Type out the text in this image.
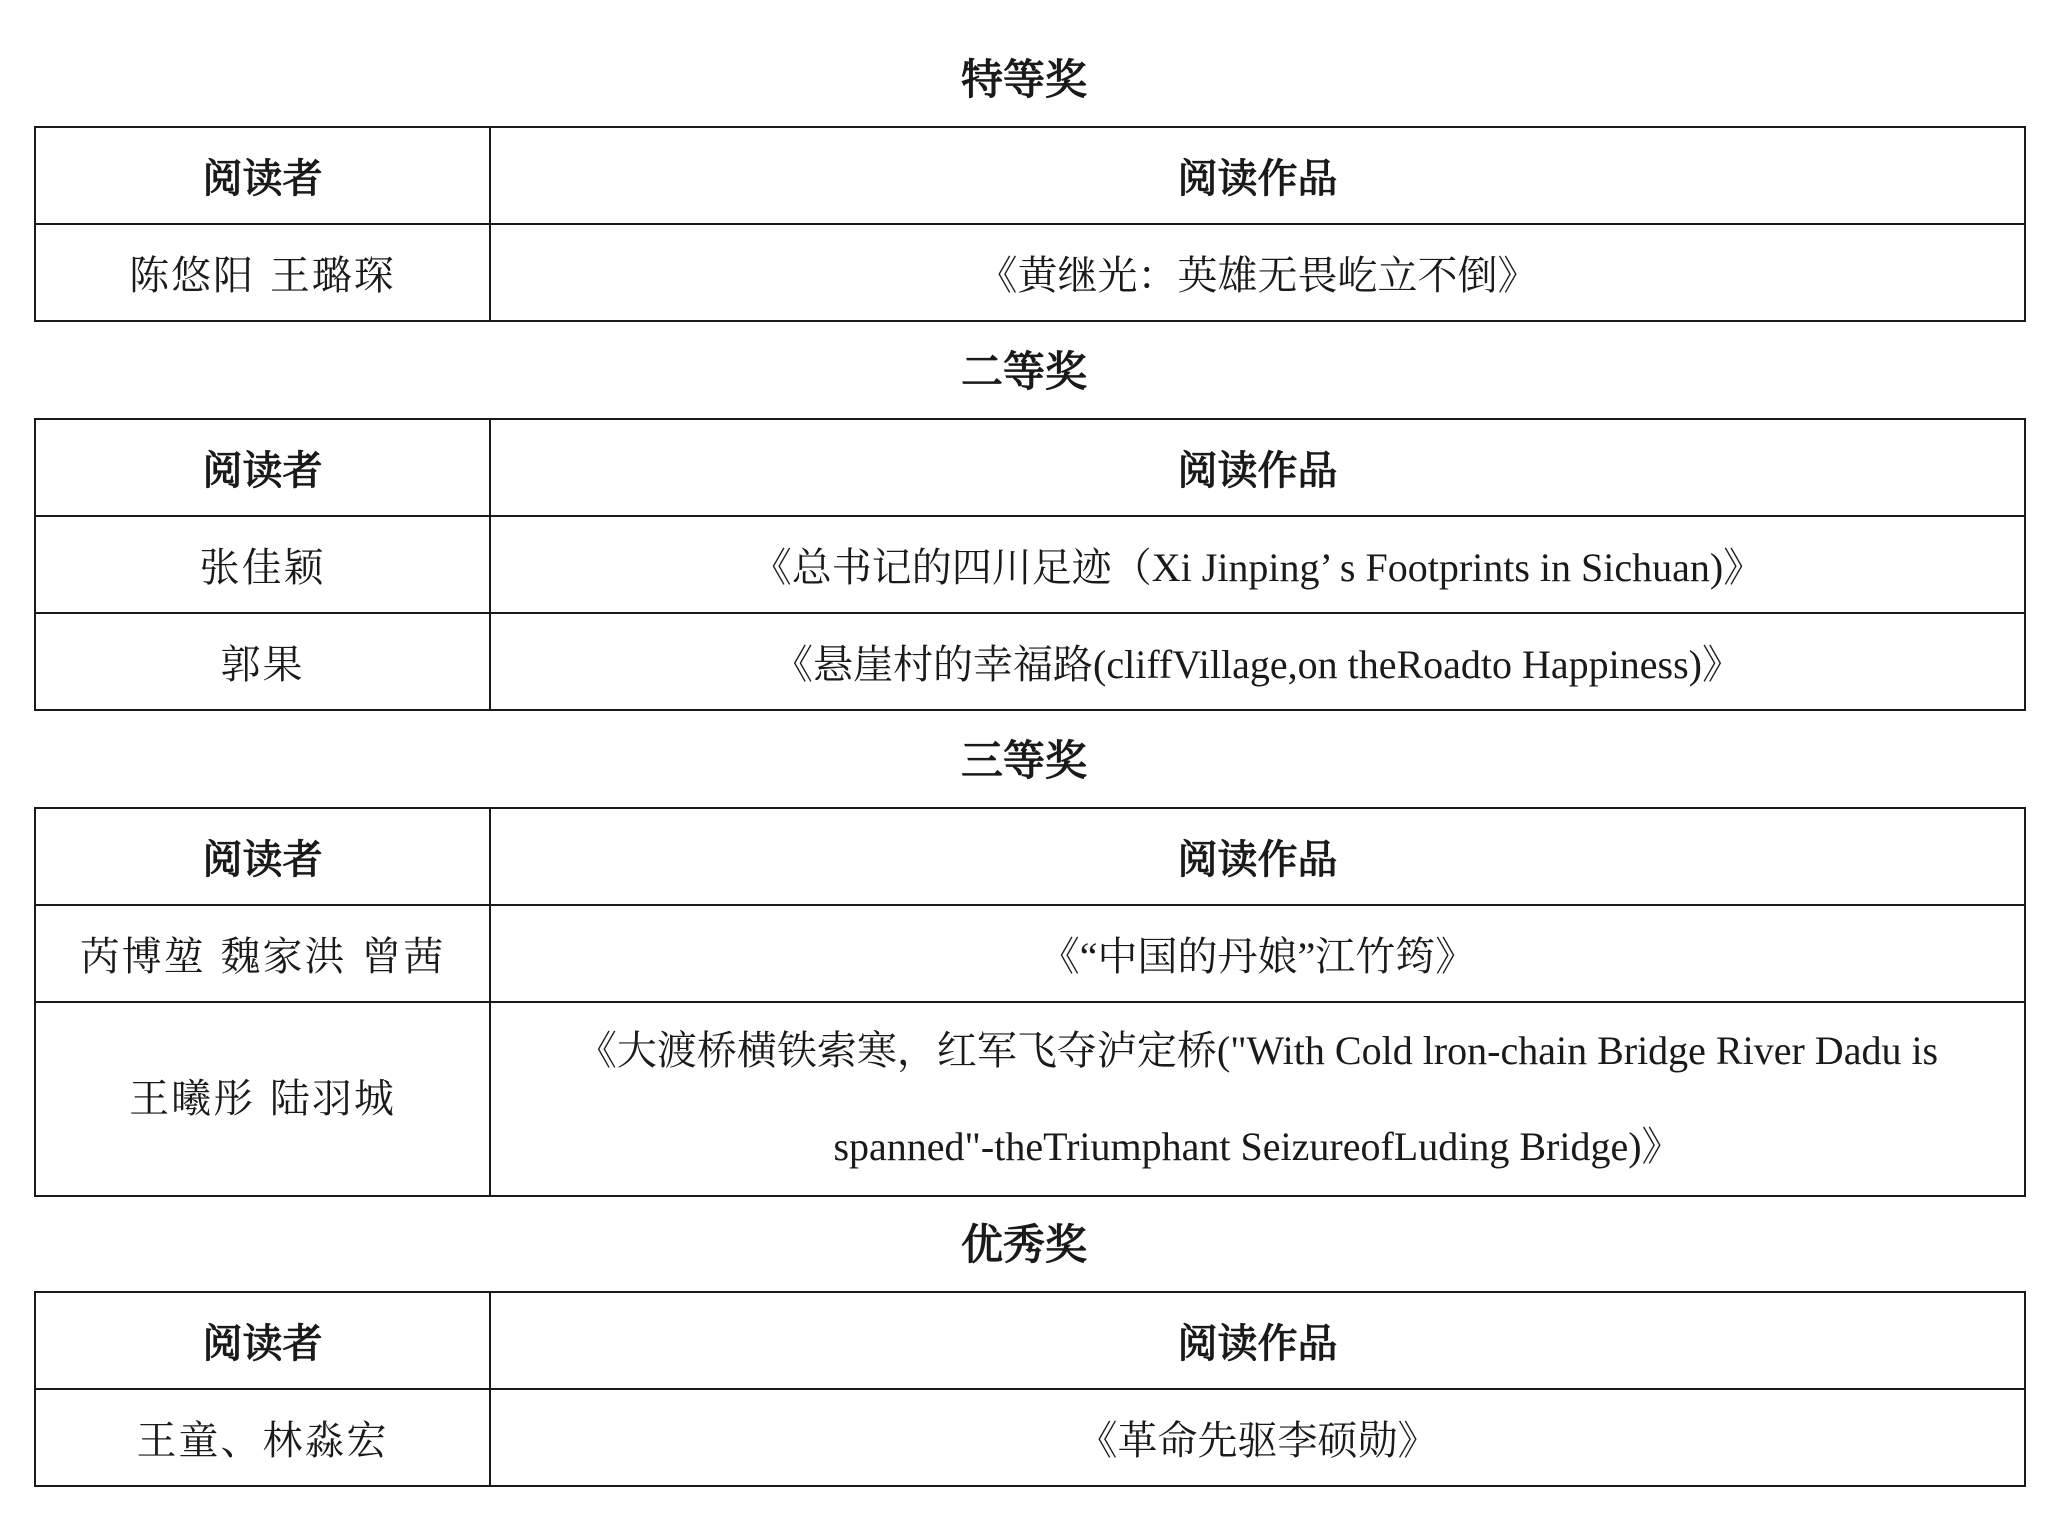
特等奖
阅读者	阅读作品
陈悠阳 王璐琛	《黄继光：英雄无畏屹立不倒》
二等奖
阅读者	阅读作品
张佳颖	《总书记的四川足迹（Xi Jinping’ s Footprints in Sichuan)》
郭果	《悬崖村的幸福路(cliffVillage,on theRoadto Happiness)》
三等奖
阅读者	阅读作品
芮博堃 魏家洪 曾茜	《“中国的丹娘”江竹筠》
王曦彤 陆羽城	《大渡桥横铁索寒，红军飞夺泸定桥("With Cold lron-chain Bridge River Dadu is spanned"-theTriumphant SeizureofLuding Bridge)》
优秀奖
阅读者	阅读作品
王童、林淼宏	《革命先驱李硕勋》
